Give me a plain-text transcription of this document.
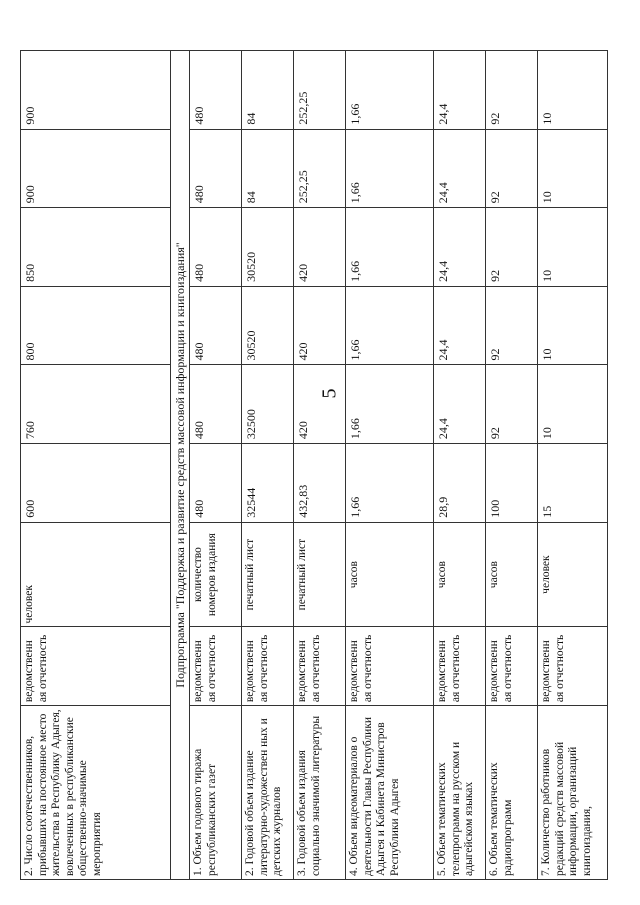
5
2. Число соотечественников, прибывших на постоянное место жительства в Республику Адыгея, вовлеченных в республиканские общественно-значимые мероприятия	ведомственн ая отчетность	человек	600	760	800	850	900	900
Подпрограмма "Поддержка и развитие средств массовой информации и книгоиздания"								
1. Объем годового тиража республиканских газет	ведомственн ая отчетность	количество номеров издания	480	480	480	480	480	480
2. Годовой объем издание литературно-художествен ных и детских журналов	ведомственн ая отчетность	печатный лист	32544	32500	30520	30520	84	84
3. Годовой объем издания социально значимой литературы	ведомственн ая отчетность	печатный лист	432,83	420	420	420	252,25	252,25
4. Объем видеоматериалов о деятельности Главы Республики Адыгея и Кабинета Министров Республики Адыгея	ведомственн ая отчетность	часов	1,66	1,66	1,66	1,66	1,66	1,66
5. Объем тематических телепрограмм на русском и адыгейском языках	ведомственн ая отчетность	часов	28,9	24,4	24,4	24,4	24,4	24,4
6. Объем тематических радиопрограмм	ведомственн ая отчетность	часов	100	92	92	92	92	92
7. Количество работников редакций средств массовой информации, организаций книгоиздания,	ведомственн ая отчетность	человек	15	10	10	10	10	10
